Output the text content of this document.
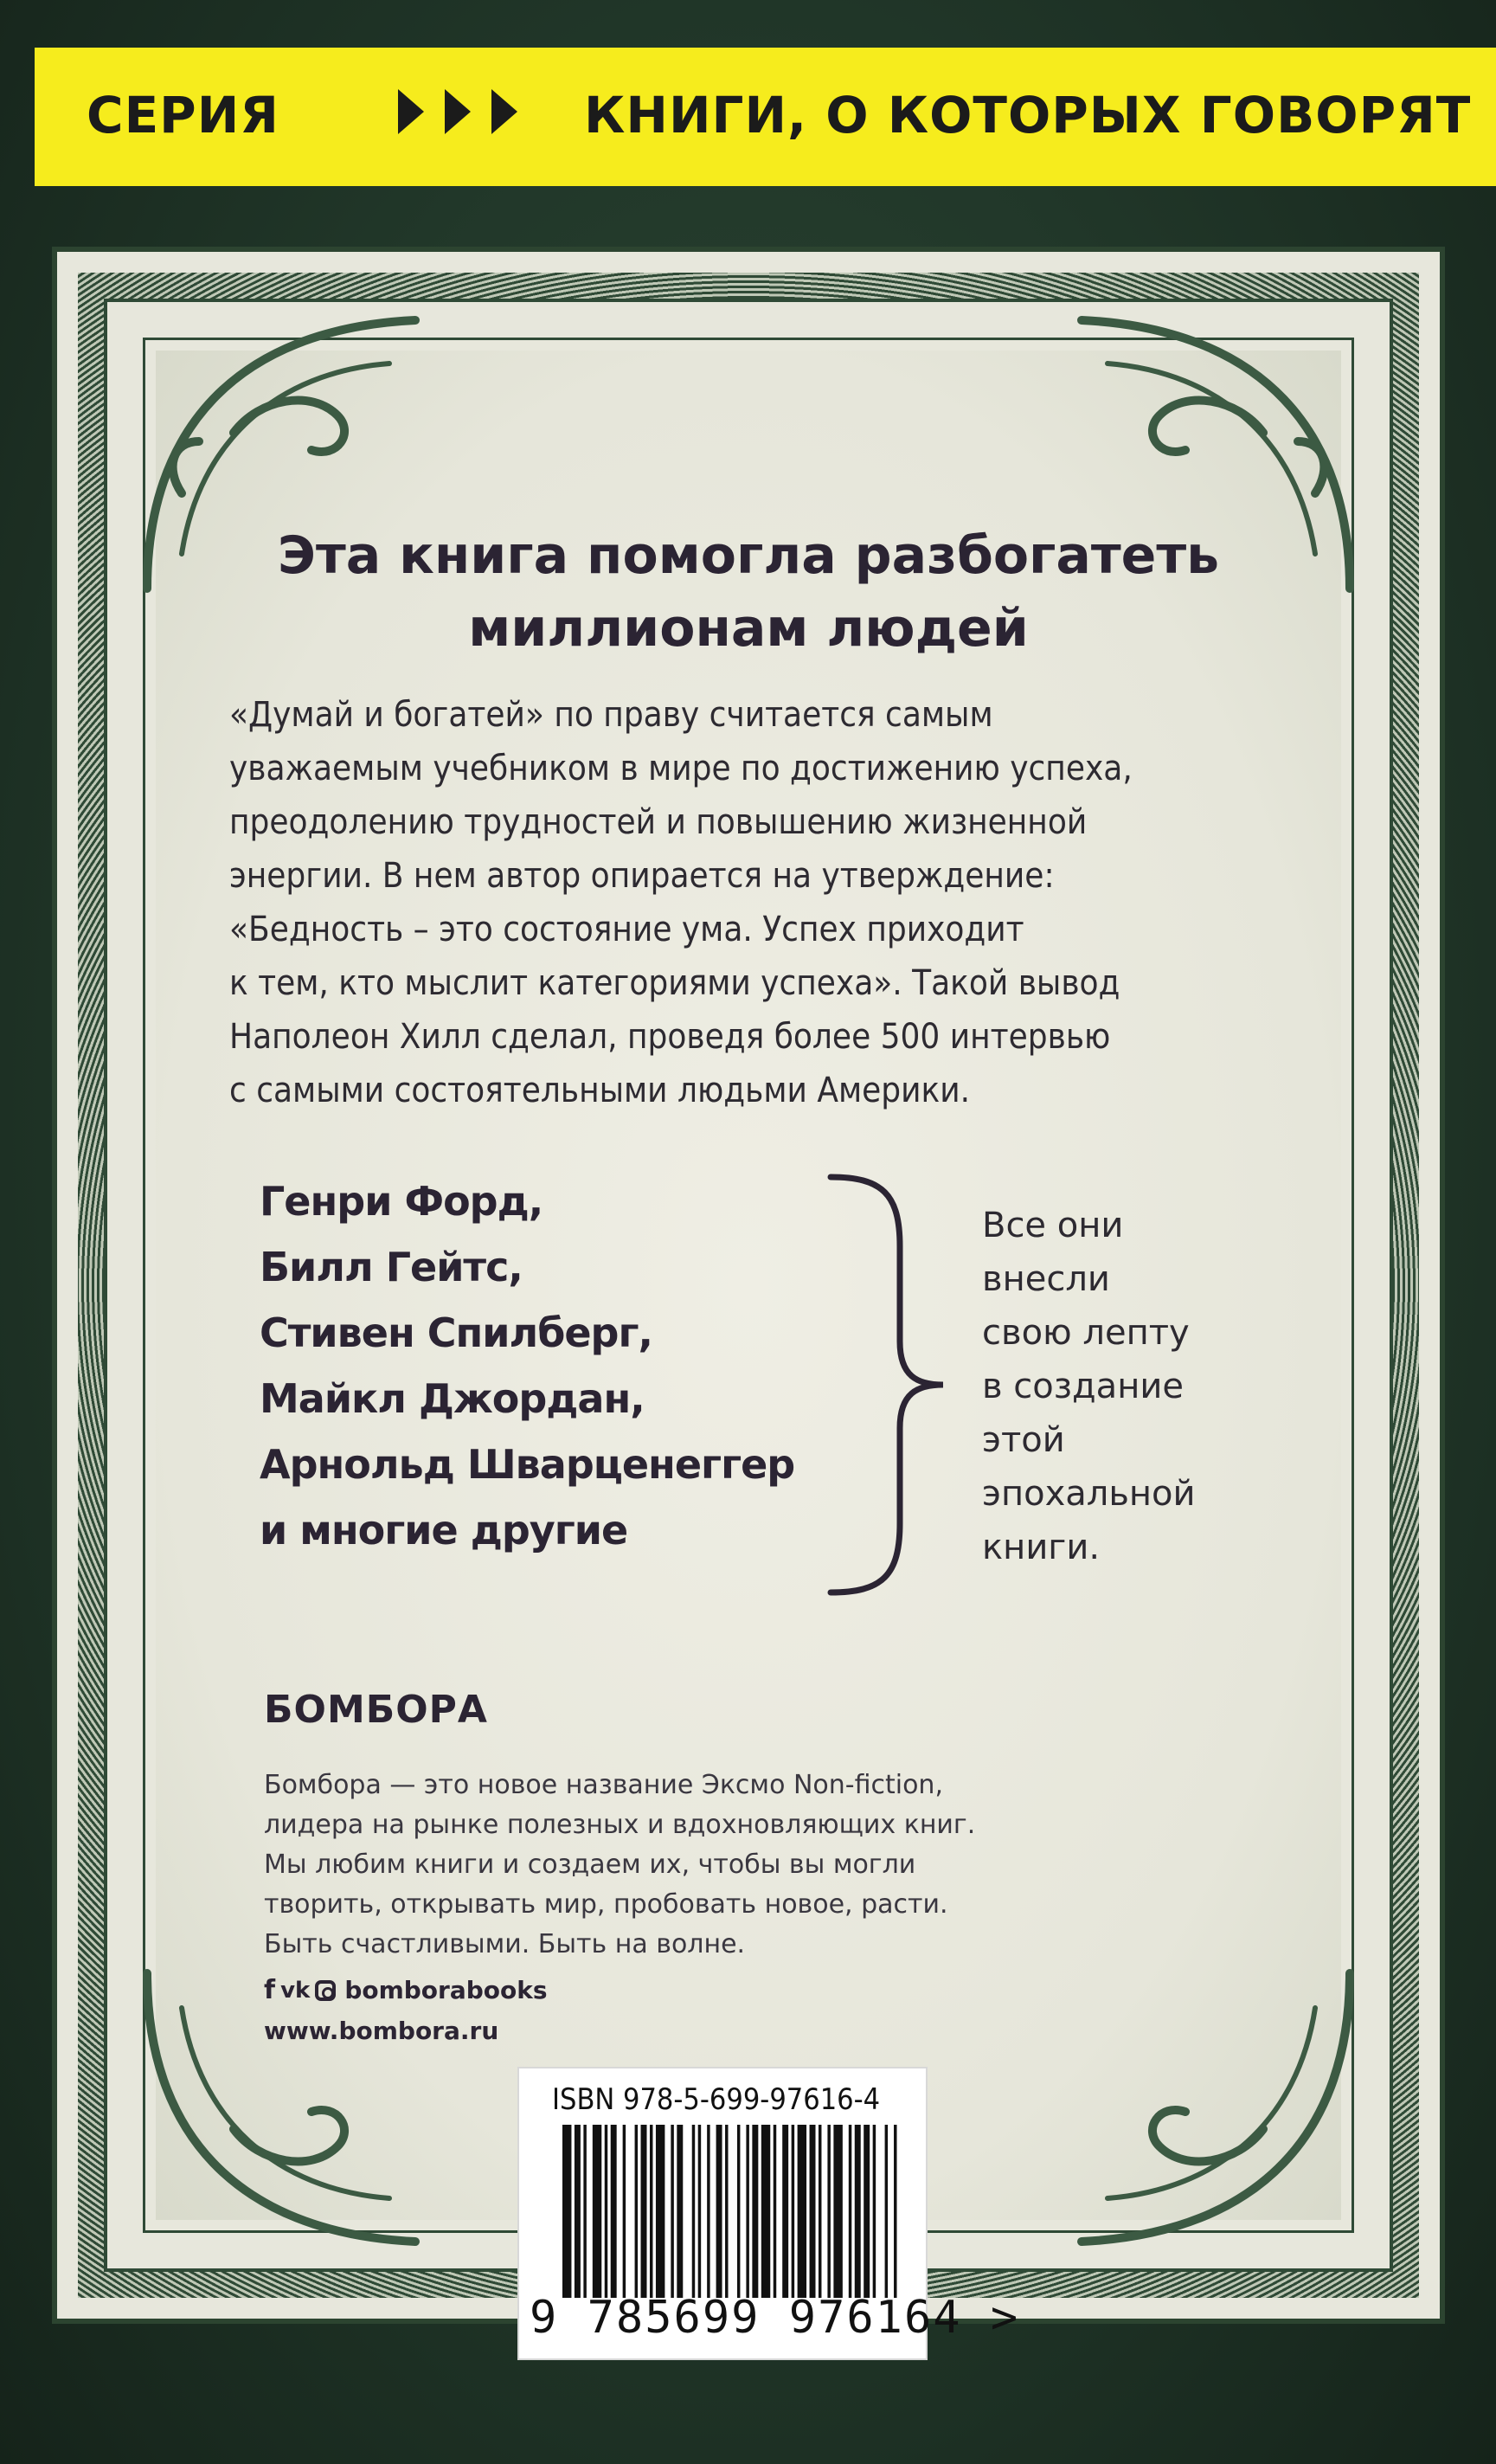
СЕРИЯ	КНИГИ, О КОТОРЫХ ГОВОРЯТ
Эта книга помогла разбогатеть
миллионам людей
«Думай и богатей» по праву считается самым
уважаемым учебником в мире по достижению успеха,
преодолению трудностей и повышению жизненной
энергии. В нем автор опирается на утверждение:
«Бедность – это состояние ума. Успех приходит
к тем, кто мыслит категориями успеха». Такой вывод
Наполеон Хилл сделал, проведя более 500 интервью
с самыми состоятельными людьми Америки.
Генри Форд,
Билл Гейтс,
Стивен Спилберг,
Майкл Джордан,
Арнольд Шварценеггер
и многие другие
Все они
внесли
свою лепту
в создание
этой
эпохальной
книги.
БОМБОРА
Бомбора — это новое название Эксмо Non-fiction,
лидера на рынке полезных и вдохновляющих книг.
Мы любим книги и создаем их, чтобы вы могли
творить, открывать мир, пробовать новое, расти.
Быть счастливыми. Быть на волне.
f vk bomborabooks
www.bombora.ru
ISBN 978-5-699-97616-4
9 785699 976164 >
